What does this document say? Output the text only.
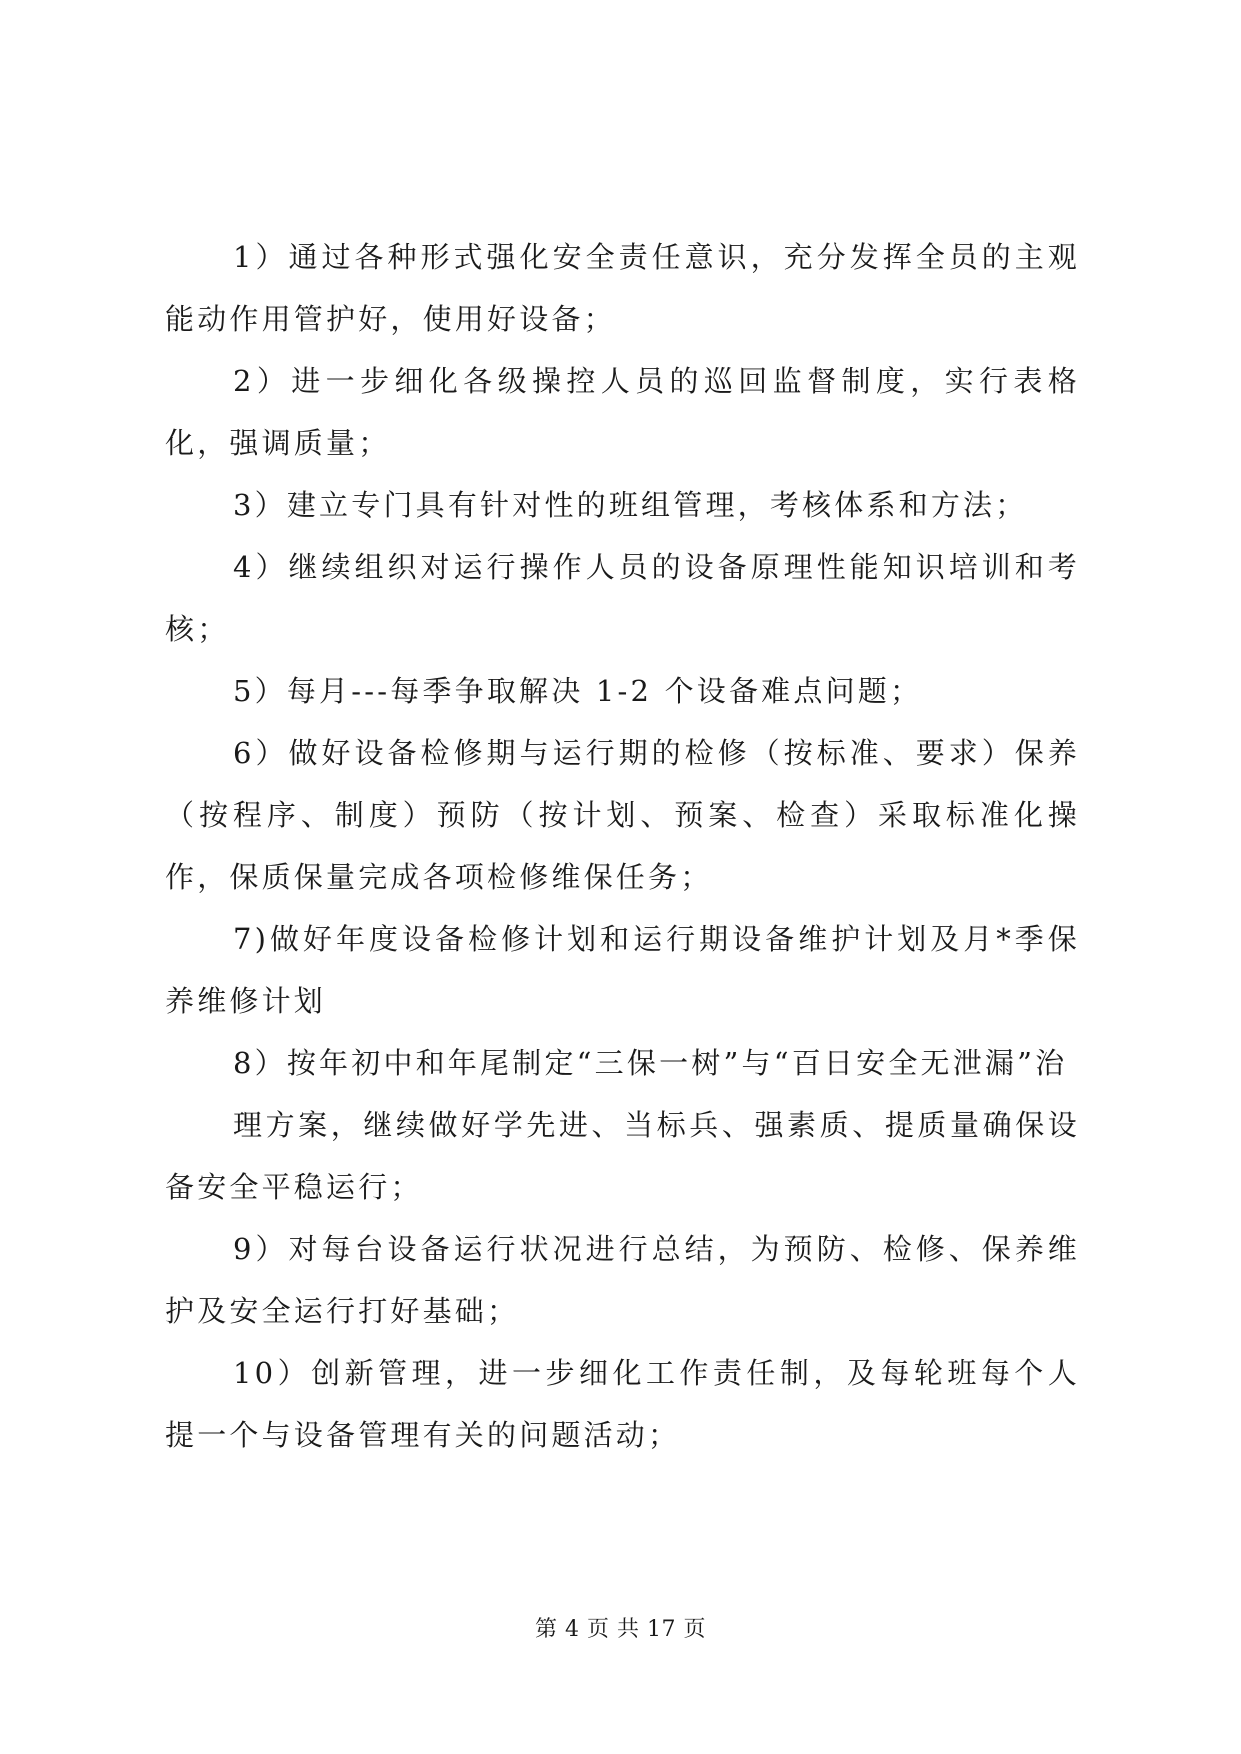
1）通过各种形式强化安全责任意识，充分发挥全员的主观能动作用管护好，使用好设备；

2）进一步细化各级操控人员的巡回监督制度，实行表格化，强调质量；

3）建立专门具有针对性的班组管理，考核体系和方法；

4）继续组织对运行操作人员的设备原理性能知识培训和考核；

5）每月---每季争取解决 1-2 个设备难点问题；

6）做好设备检修期与运行期的检修（按标准、要求）保养（按程序、制度）预防（按计划、预案、检查）采取标准化操作，保质保量完成各项检修维保任务；

7)做好年度设备检修计划和运行期设备维护计划及月*季保养维修计划

8）按年初中和年尾制定“三保一树”与“百日安全无泄漏”治

理方案，继续做好学先进、当标兵、强素质、提质量确保设备安全平稳运行；

9）对每台设备运行状况进行总结，为预防、检修、保养维护及安全运行打好基础；

10）创新管理，进一步细化工作责任制，及每轮班每个人提一个与设备管理有关的问题活动；

第 4 页 共 17 页
